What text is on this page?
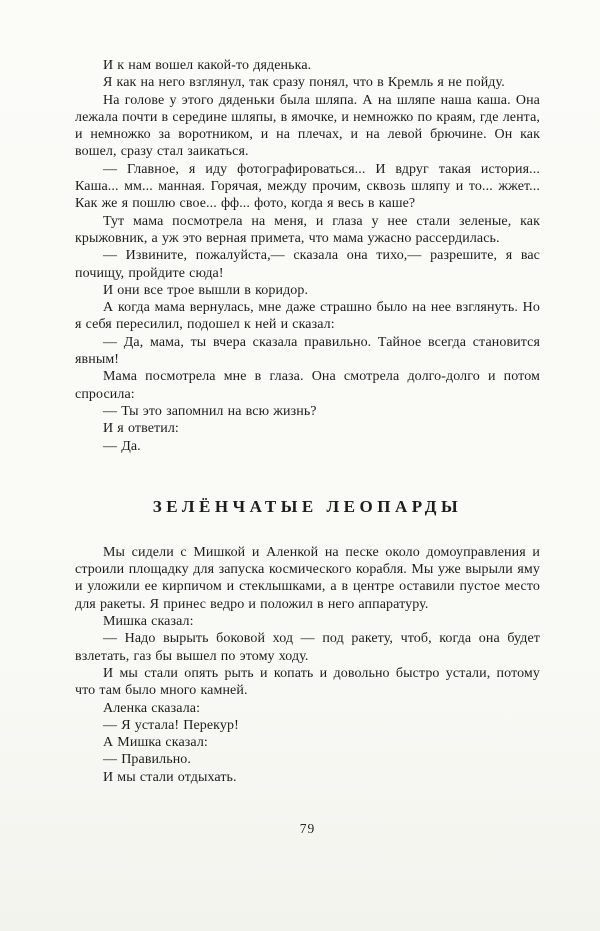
И к нам вошел какой-то дяденька.

Я как на него взглянул, так сразу понял, что в Кремль я не пойду.

На голове у этого дяденьки была шляпа. А на шляпе наша каша. Она лежала почти в середине шляпы, в ямочке, и немножко по краям, где лента, и немножко за воротником, и на плечах, и на левой брючине. Он как вошел, сразу стал заикаться.

— Главное, я иду фотографироваться... И вдруг такая история... Каша... мм... манная. Горячая, между прочим, сквозь шляпу и то... жжет... Как же я пошлю свое... фф... фото, когда я весь в каше?

Тут мама посмотрела на меня, и глаза у нее стали зеленые, как крыжовник, а уж это верная примета, что мама ужасно рассердилась.

— Извините, пожалуйста,— сказала она тихо,— разрешите, я вас почищу, пройдите сюда!

И они все трое вышли в коридор.

А когда мама вернулась, мне даже страшно было на нее взглянуть. Но я себя пересилил, подошел к ней и сказал:

— Да, мама, ты вчера сказала правильно. Тайное всегда становится явным!

Мама посмотрела мне в глаза. Она смотрела долго-долго и потом спросила:

— Ты это запомнил на всю жизнь?

И я ответил:

— Да.

ЗЕЛЁНЧАТЫЕ ЛЕОПАРДЫ

Мы сидели с Мишкой и Аленкой на песке около домоуправления и строили площадку для запуска космического корабля. Мы уже вырыли яму и уложили ее кирпичом и стеклышками, а в центре оставили пустое место для ракеты. Я принес ведро и положил в него аппаратуру.

Мишка сказал:

— Надо вырыть боковой ход — под ракету, чтоб, когда она будет взлетать, газ бы вышел по этому ходу.

И мы стали опять рыть и копать и довольно быстро устали, потому что там было много камней.

Аленка сказала:

— Я устала! Перекур!

А Мишка сказал:

— Правильно.

И мы стали отдыхать.

79
